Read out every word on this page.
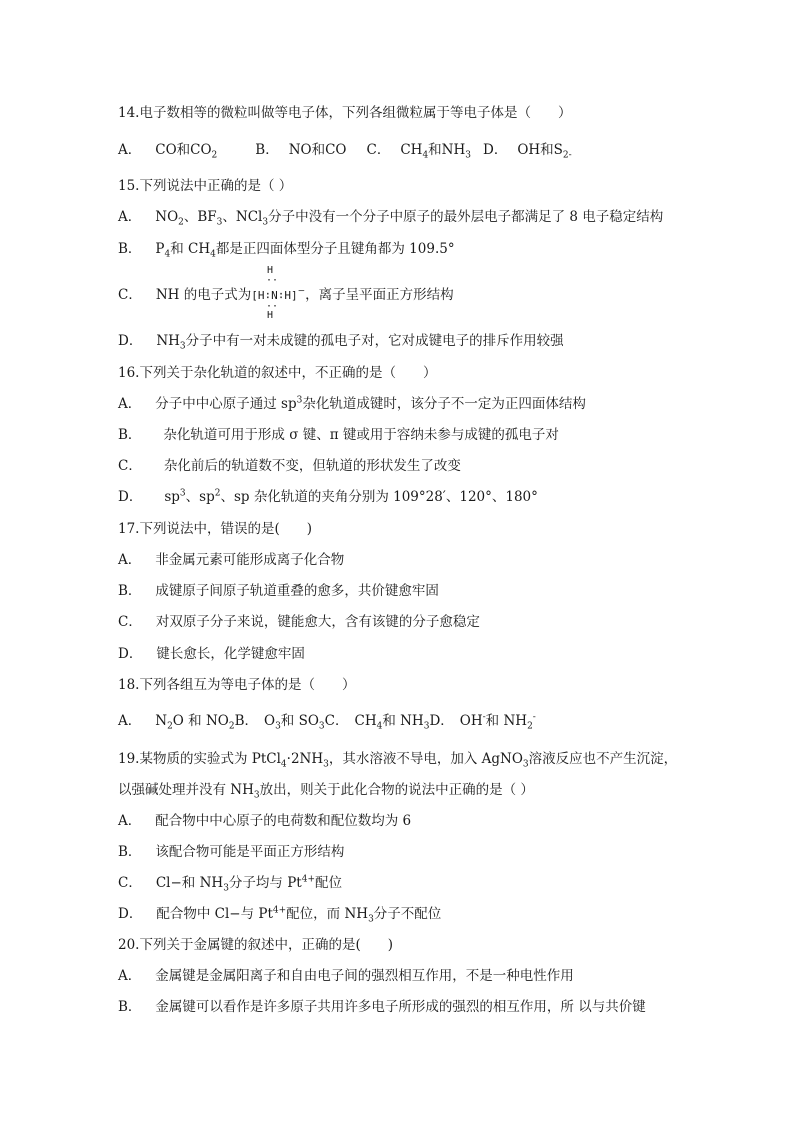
14.电子数相等的微粒叫做等电子体，下列各组微粒属于等电子体是（　　）
A． CO和$CO_2$	B． NO和CO C． $CH_4$和$NH_3$ D． OH和$S_{2-}$
15.下列说法中正确的是（ ）
A． $NO_2$、$BF_3$、NCl$_3$分子中没有一个分子中原子的最外层电子都满足了 8 电子稳定结构
B． $P_4$和 $CH_4$都是正四面体型分子且键角都为 109.5°
H
··
C． NH 的电子式为[H∶N∶H]−，离子呈平面正方形结构
··
H
D． $NH_3$分子中有一对未成键的孤电子对，它对成键电子的排斥作用较强
16.下列关于杂化轨道的叙述中，不正确的是（　　）
A． 分子中中心原子通过 $sp^3$杂化轨道成键时，该分子不一定为正四面体结构
B． 杂化轨道可用于形成 σ 键、π 键或用于容纳未参与成键的孤电子对
C． 杂化前后的轨道数不变，但轨道的形状发生了改变
D． $sp^3$、$sp^2$、sp 杂化轨道的夹角分别为 109°28′、120°、180°
17.下列说法中，错误的是(　　)
A． 非金属元素可能形成离子化合物
B． 成键原子间原子轨道重叠的愈多，共价键愈牢固
C． 对双原子分子来说，键能愈大，含有该键的分子愈稳定
D． 键长愈长，化学键愈牢固
18.下列各组互为等电子体的是（　　）
A． $N_2O$ 和 $NO_2B$． $O_3$和 $SO_3C$． $CH_4$和 $NH_3D$． OH-和 $NH_2^-$
19.某物质的实验式为 $PtCl_4\cdot 2NH_3$，其水溶液不导电，加入 AgNO$_3$溶液反应也不产生沉淀，
以强碱处理并没有 $NH_3$放出，则关于此化合物的说法中正确的是（ ）
A． 配合物中中心原子的电荷数和配位数均为 6
B． 该配合物可能是平面正方形结构
C． Cl−和 $NH_3$分子均与 $Pt^{4+}$配位
D． 配合物中 Cl−与 $Pt^{4+}$配位，而 $NH_3$分子不配位
20.下列关于金属键的叙述中，正确的是(　　)
A． 金属键是金属阳离子和自由电子间的强烈相互作用，不是一种电性作用
B． 金属键可以看作是许多原子共用许多电子所形成的强烈的相互作用，所 以与共价键
